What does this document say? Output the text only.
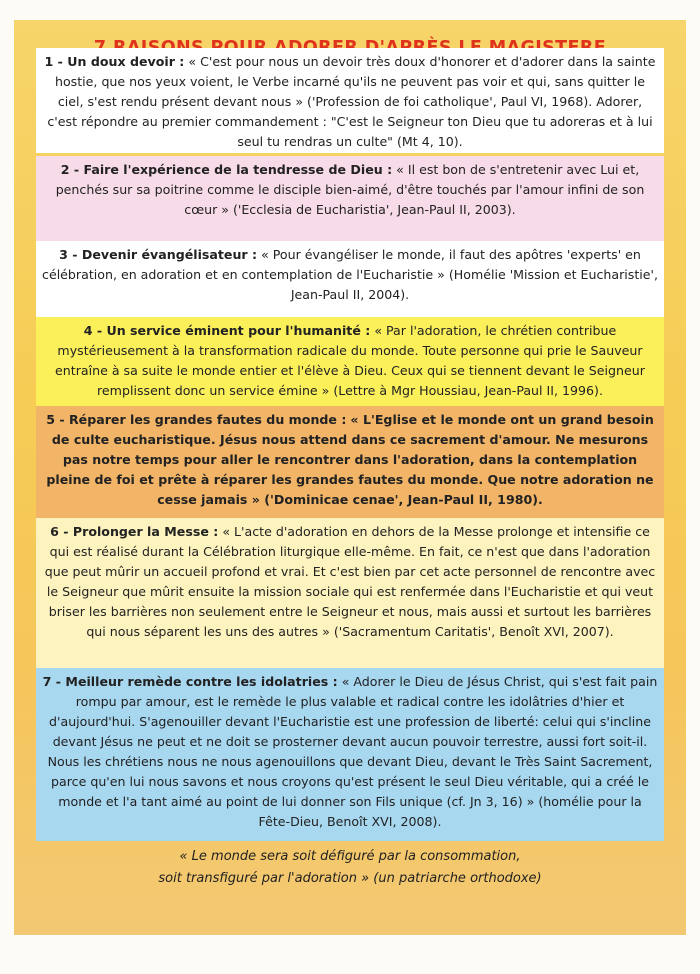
1 - Un doux devoir : « C'est pour nous un devoir très doux d'honorer et d'adorer dans la sainte hostie, que nos yeux voient, le Verbe incarné qu'ils ne peuvent pas voir et qui, sans quitter le ciel, s'est rendu présent devant nous » ('Profession de foi catholique', Paul VI, 1968). Adorer, c'est répondre au premier commandement : "C'est le Seigneur ton Dieu que tu adoreras et à lui seul tu rendras un culte" (Mt 4, 10).
2 - Faire l'expérience de la tendresse de Dieu : « Il est bon de s'entretenir avec Lui et, penchés sur sa poitrine comme le disciple bien-aimé, d'être touchés par l'amour infini de son cœur » ('Ecclesia de Eucharistia', Jean-Paul II, 2003).
3 - Devenir évangélisateur : « Pour évangéliser le monde, il faut des apôtres 'experts' en célébration, en adoration et en contemplation de l'Eucharistie » (Homélie 'Mission et Eucharistie', Jean-Paul II, 2004).
4 - Un service éminent pour l'humanité : « Par l'adoration, le chrétien contribue mystérieusement à la transformation radicale du monde. Toute personne qui prie le Sauveur entraîne à sa suite le monde entier et l'élève à Dieu. Ceux qui se tiennent devant le Seigneur remplissent donc un service émine » (Lettre à Mgr Houssiau, Jean-Paul II, 1996).
5 - Réparer les grandes fautes du monde : « L'Eglise et le monde ont un grand besoin de culte eucharistique. Jésus nous attend dans ce sacrement d'amour. Ne mesurons pas notre temps pour aller le rencontrer dans l'adoration, dans la contemplation pleine de foi et prête à réparer les grandes fautes du monde. Que notre adoration ne cesse jamais » ('Dominicae cenae', Jean-Paul II, 1980).
6 - Prolonger la Messe : « L'acte d'adoration en dehors de la Messe prolonge et intensifie ce qui est réalisé durant la Célébration liturgique elle-même. En fait, ce n'est que dans l'adoration que peut mûrir un accueil profond et vrai. Et c'est bien par cet acte personnel de rencontre avec le Seigneur que mûrit ensuite la mission sociale qui est renfermée dans l'Eucharistie et qui veut briser les barrières non seulement entre le Seigneur et nous, mais aussi et surtout les barrières qui nous séparent les uns des autres » ('Sacramentum Caritatis', Benoît XVI, 2007).
7 - Meilleur remède contre les idolatries : « Adorer le Dieu de Jésus Christ, qui s'est fait pain rompu par amour, est le remède le plus valable et radical contre les idolâtries d'hier et d'aujourd'hui. S'agenouiller devant l'Eucharistie est une profession de liberté: celui qui s'incline devant Jésus ne peut et ne doit se prosterner devant aucun pouvoir terrestre, aussi fort soit-il. Nous les chrétiens nous ne nous agenouillons que devant Dieu, devant le Très Saint Sacrement, parce qu'en lui nous savons et nous croyons qu'est présent le seul Dieu véritable, qui a créé le monde et l'a tant aimé au point de lui donner son Fils unique (cf. Jn 3, 16) » (homélie pour la Fête-Dieu, Benoît XVI, 2008).
« Le monde sera soit défiguré par la consommation,
soit transfiguré par l'adoration » (un patriarche orthodoxe)
